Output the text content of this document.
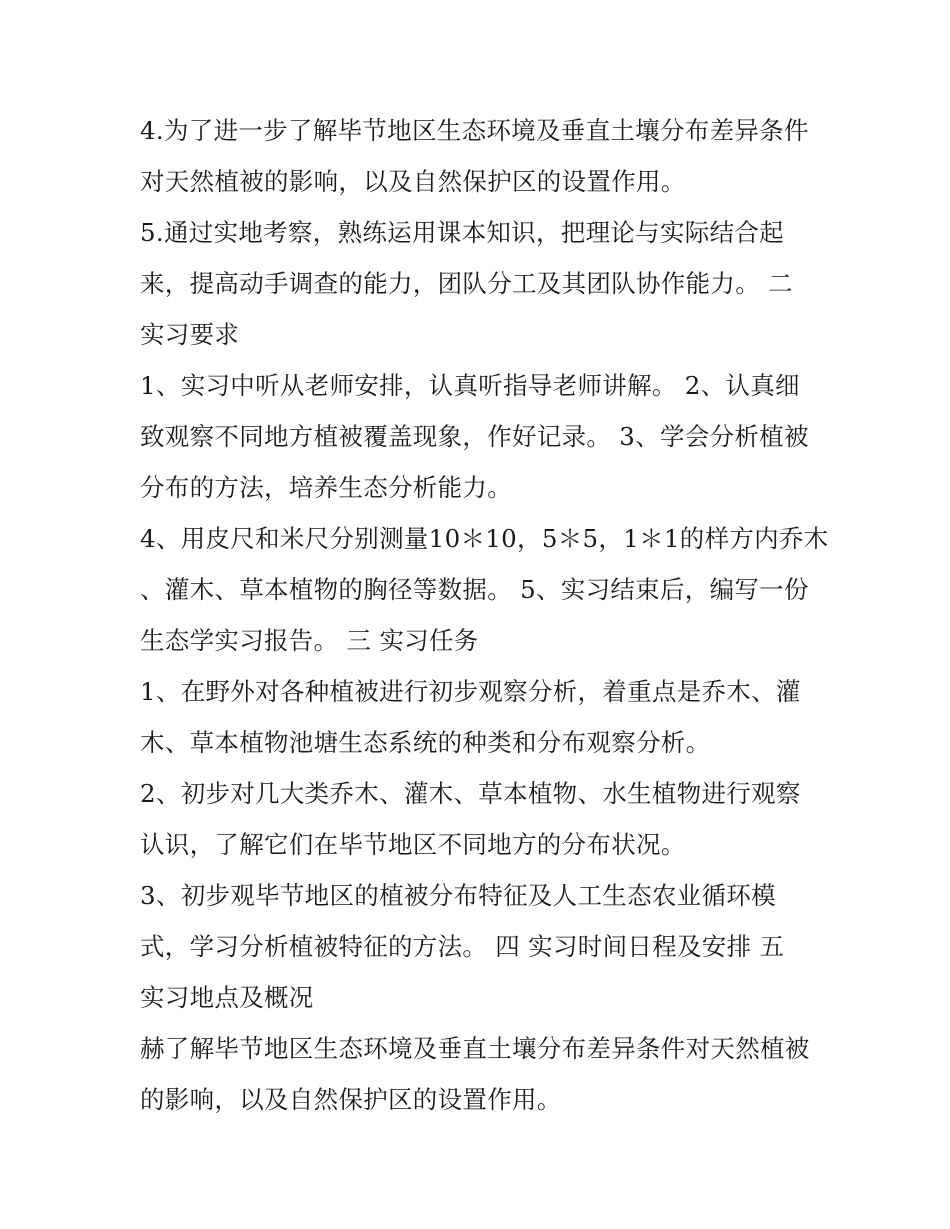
4.为了进一步了解毕节地区生态环境及垂直土壤分布差异条件
对天然植被的影响，以及自然保护区的设置作用。
5.通过实地考察，熟练运用课本知识，把理论与实际结合起
来，提高动手调查的能力，团队分工及其团队协作能力。 二
实习要求
1、实习中听从老师安排，认真听指导老师讲解。 2、认真细
致观察不同地方植被覆盖现象，作好记录。 3、学会分析植被
分布的方法，培养生态分析能力。
4、用皮尺和米尺分别测量10＊10，5＊5，1＊1的样方内乔木
、灌木、草本植物的胸径等数据。 5、实习结束后，编写一份
生态学实习报告。 三 实习任务
1、在野外对各种植被进行初步观察分析，着重点是乔木、灌
木、草本植物池塘生态系统的种类和分布观察分析。
2、初步对几大类乔木、灌木、草本植物、水生植物进行观察
认识，了解它们在毕节地区不同地方的分布状况。
3、初步观毕节地区的植被分布特征及人工生态农业循环模
式，学习分析植被特征的方法。 四 实习时间日程及安排 五
实习地点及概况
赫了解毕节地区生态环境及垂直土壤分布差异条件对天然植被
的影响，以及自然保护区的设置作用。
